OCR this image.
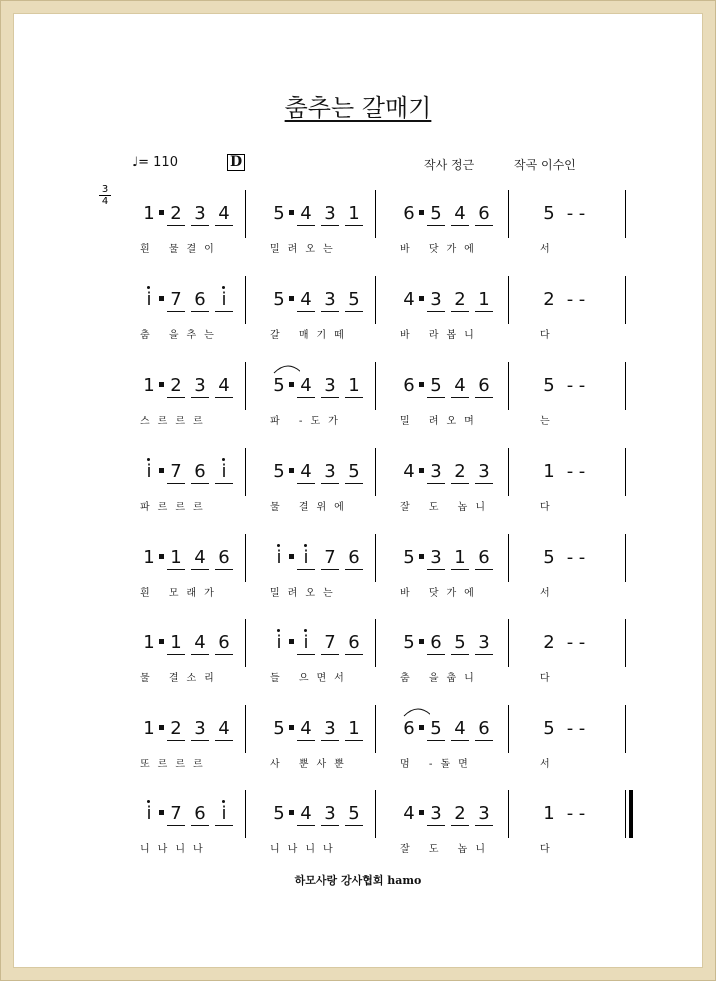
춤추는 갈매기
♩= 110	D	작사 정근	작곡 이수인
3
4
1 2 3 4
흰 물결이
5 4 3 1
밀려오는
6 5 4 6
바 닷가에
5 - -
서
i 7 6 i
춤 을추는
5 4 3 5
갈 매기떼
4 3 2 1
바 라봅니
2 - -
다
1 2 3 4
스르르르
5 4 3 1
파 -도가
6 5 4 6
밀 려오며
5 - -
는
i 7 6 i
파르르르
5 4 3 5
물 결위에
4 3 2 3
잘 도 놉니
1 - -
다
1 1 4 6
흰 모래가
i i 7 6
밀려오는
5 3 1 6
바 닷가에
5 - -
서
1 1 4 6
물 결소리
i i 7 6
들 으면서
5 6 5 3
춤 을춥니
2 - -
다
1 2 3 4
또르르르
5 4 3 1
사 뿐사뿐
6 5 4 6
멈 -돌면
5 - -
서
i 7 6 i
니나니나
5 4 3 5
니나니나
4 3 2 3
잘 도 놉니
1 - -
다
하모사랑 강사협회 hamo
